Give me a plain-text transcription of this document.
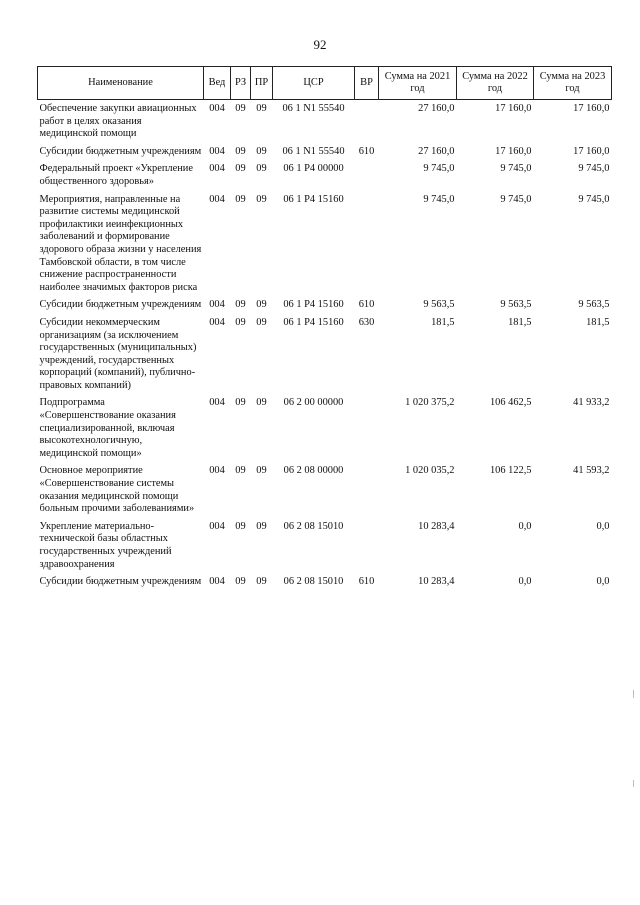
92
Наименование	Вед	РЗ	ПР	ЦСР	ВР	Сумма на 2021 год	Сумма на 2022 год	Сумма на 2023 год
Обеспечение закупки авиационных работ в целях оказания медицинской помощи	004	09	09	06 1 N1 55540		27 160,0	17 160,0	17 160,0
Субсидии бюджетным учреждениям	004	09	09	06 1 N1 55540	610	27 160,0	17 160,0	17 160,0
Федеральный проект «Укрепление общественного здоровья»	004	09	09	06 1 P4 00000		9 745,0	9 745,0	9 745,0
Мероприятия, направленные на развитие системы медицинской профилактики иеинфекционных заболеваний и формирование здорового образа жизни у населения Тамбовской области, в том числе снижение распространенности наиболее значимых факторов риска	004	09	09	06 1 P4 15160		9 745,0	9 745,0	9 745,0
Субсидии бюджетным учреждениям	004	09	09	06 1 P4 15160	610	9 563,5	9 563,5	9 563,5
Субсидии некоммерческим организациям (за исключением государственных (муниципальных) учреждений, государственных корпораций (компаний), публично-правовых компаний)	004	09	09	06 1 P4 15160	630	181,5	181,5	181,5
Подпрограмма «Совершенствование оказания специализированной, включая высокотехнологичную, медицинской помощи»	004	09	09	06 2 00 00000		1 020 375,2	106 462,5	41 933,2
Основное мероприятие «Совершенствование системы оказания медицинской помощи больным прочими заболеваниями»	004	09	09	06 2 08 00000		1 020 035,2	106 122,5	41 593,2
Укрепление материально-технической базы областных государственных учреждений здравоохранения	004	09	09	06 2 08 15010		10 283,4	0,0	0,0
Субсидии бюджетным учреждениям	004	09	09	06 2 08 15010	610	10 283,4	0,0	0,0
